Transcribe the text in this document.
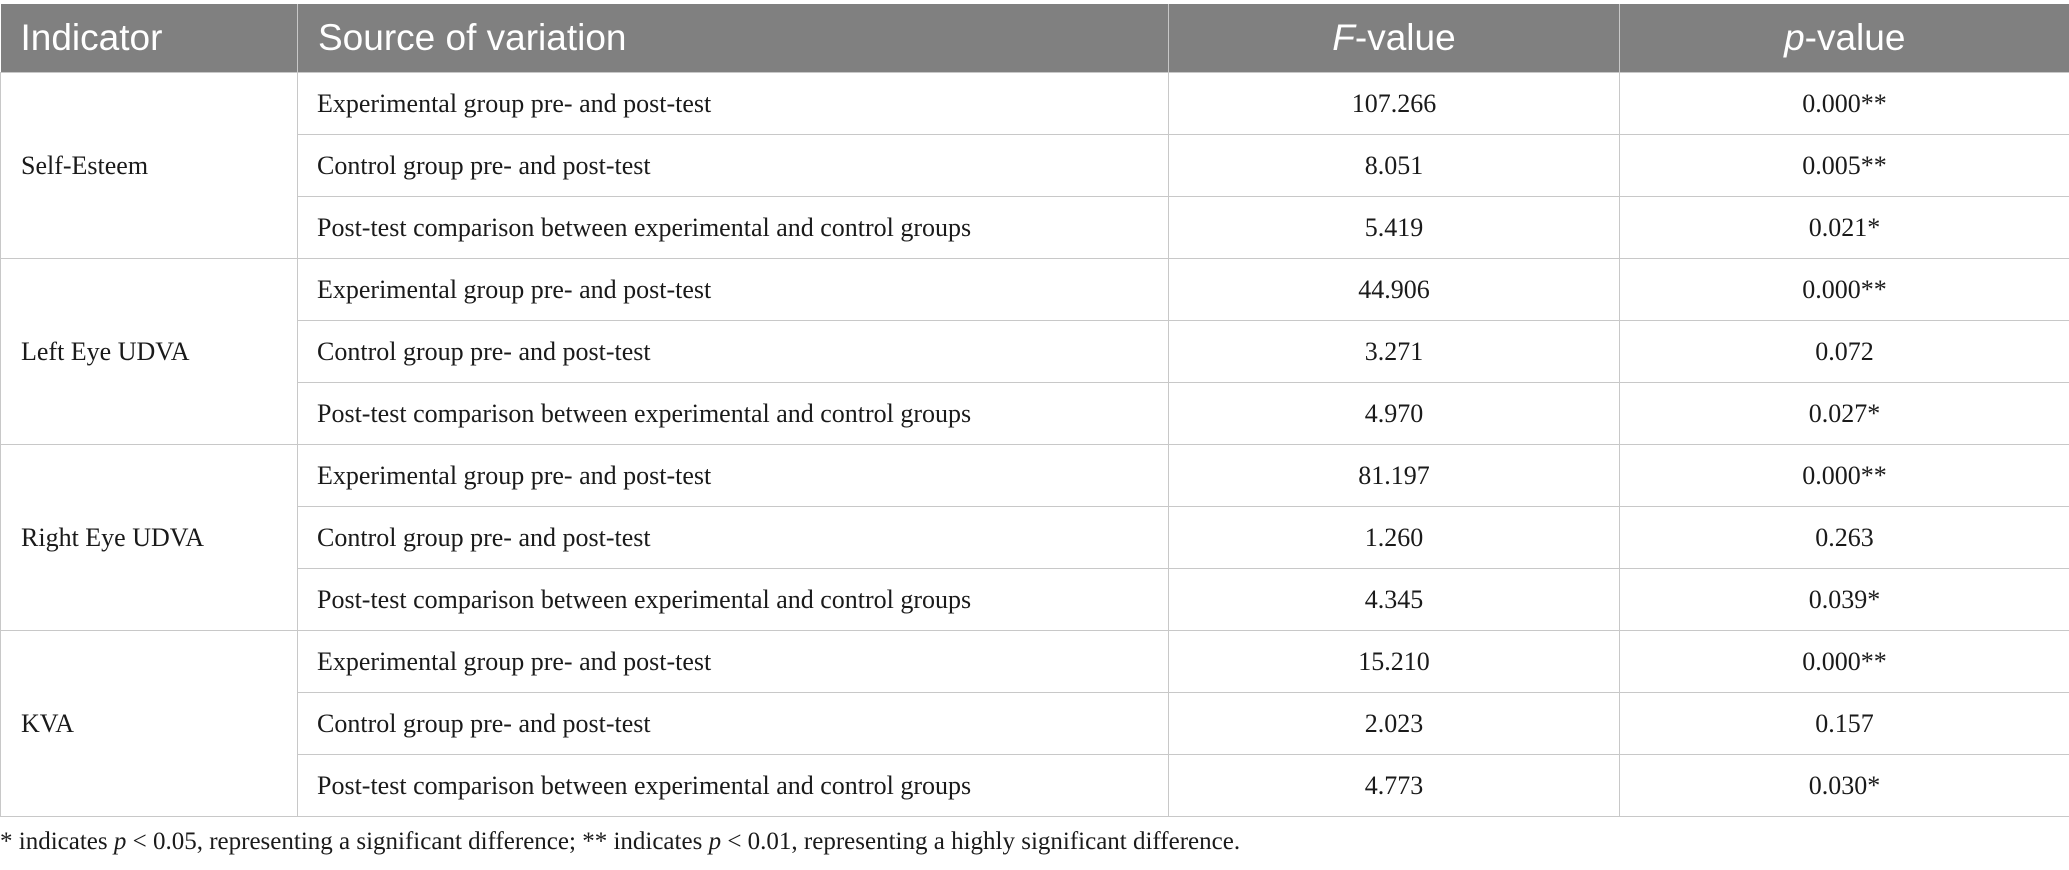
Indicator	Source of variation	F-value	p-value
Self-Esteem	Experimental group pre- and post-test	107.266	0.000**
	Control group pre- and post-test	8.051	0.005**
	Post-test comparison between experimental and control groups	5.419	0.021*
Left Eye UDVA	Experimental group pre- and post-test	44.906	0.000**
	Control group pre- and post-test	3.271	0.072
	Post-test comparison between experimental and control groups	4.970	0.027*
Right Eye UDVA	Experimental group pre- and post-test	81.197	0.000**
	Control group pre- and post-test	1.260	0.263
	Post-test comparison between experimental and control groups	4.345	0.039*
KVA	Experimental group pre- and post-test	15.210	0.000**
	Control group pre- and post-test	2.023	0.157
	Post-test comparison between experimental and control groups	4.773	0.030*
* indicates p < 0.05, representing a significant difference; ** indicates p < 0.01, representing a highly significant difference.
